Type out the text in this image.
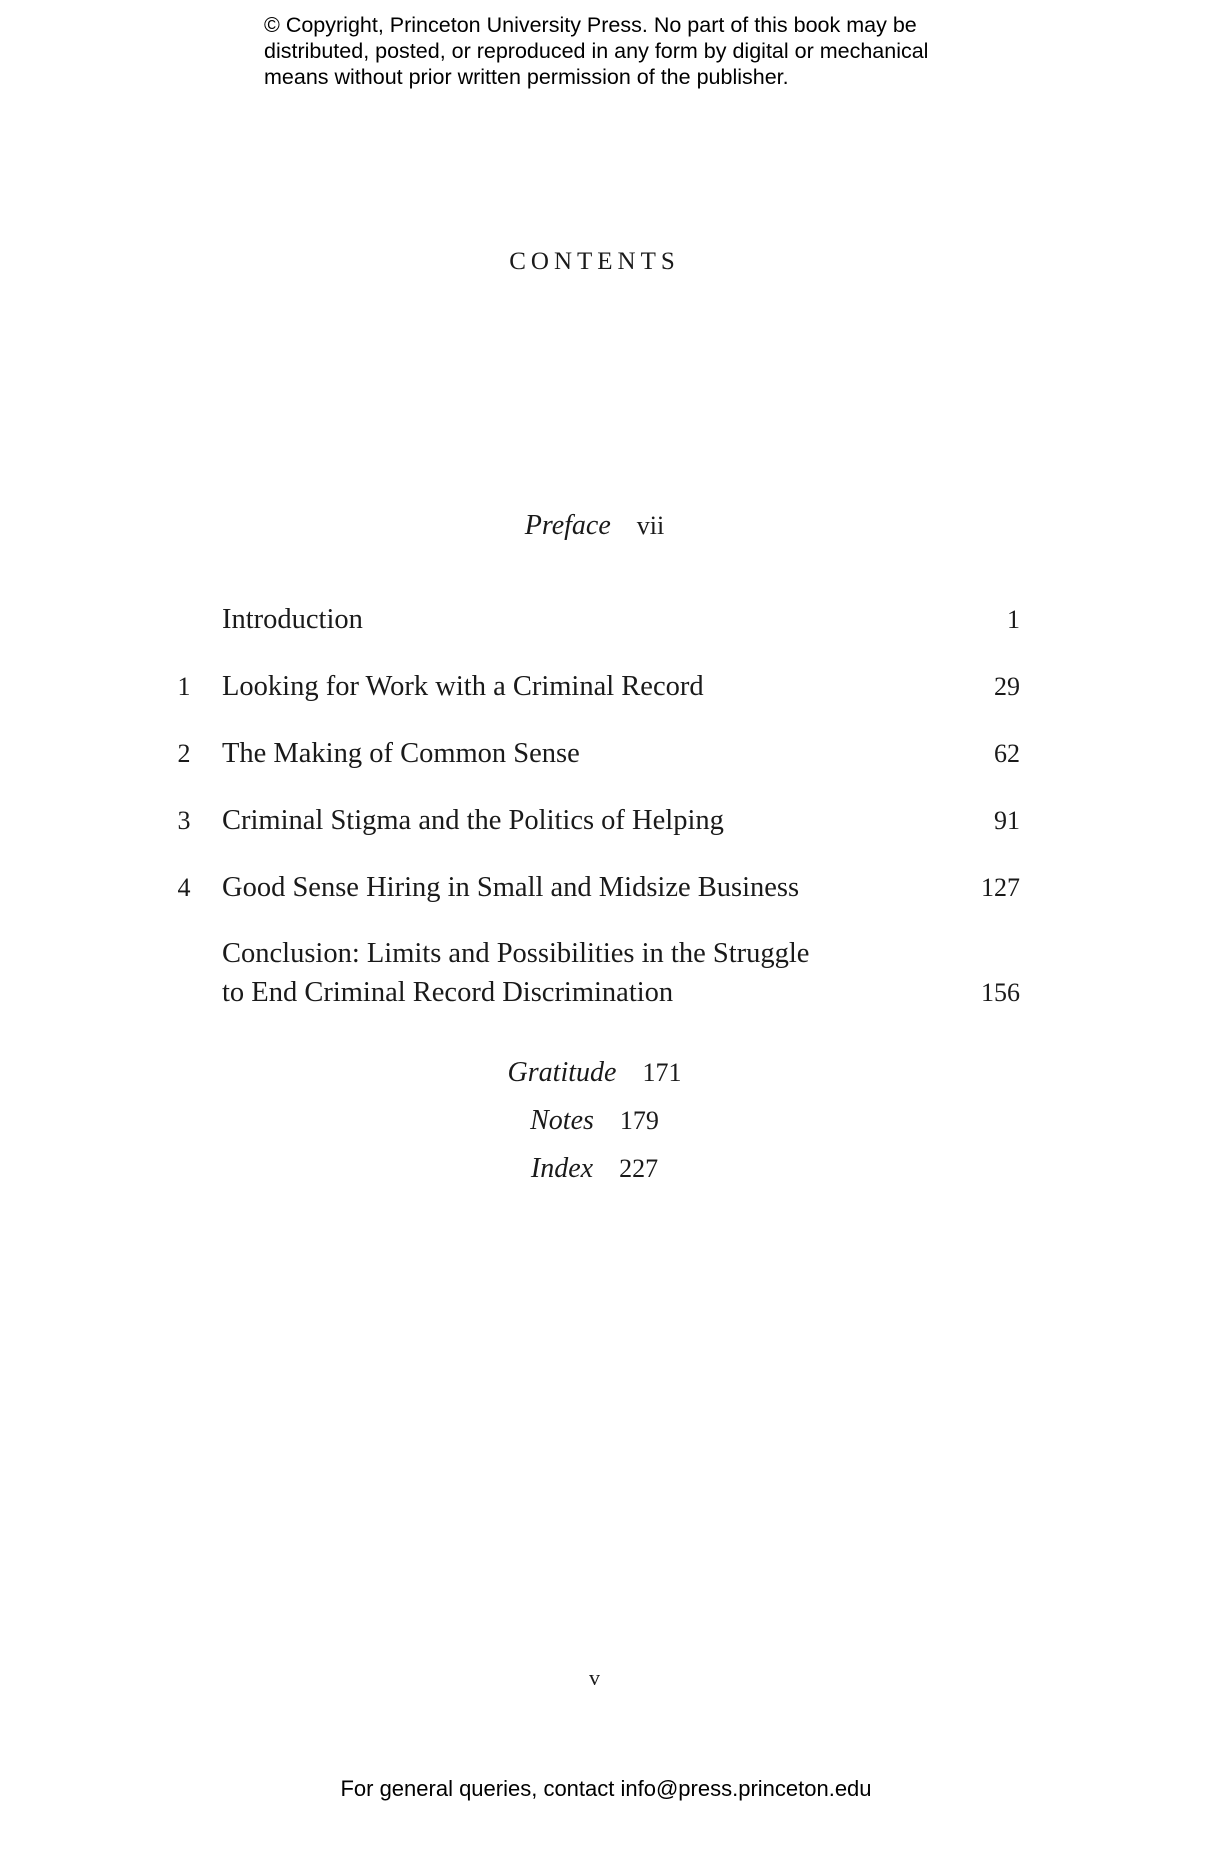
© Copyright, Princeton University Press. No part of this book may be
distributed, posted, or reproduced in any form by digital or mechanical
means without prior written permission of the publisher.
CONTENTS
Preface vii
Introduction	1
1 Looking for Work with a Criminal Record	29
2 The Making of Common Sense	62
3 Criminal Stigma and the Politics of Helping	91
4 Good Sense Hiring in Small and Midsize Business	127
Conclusion: Limits and Possibilities in the Struggle
to End Criminal Record Discrimination	156
Gratitude 171
Notes 179
Index 227
v
For general queries, contact info@press.princeton.edu
